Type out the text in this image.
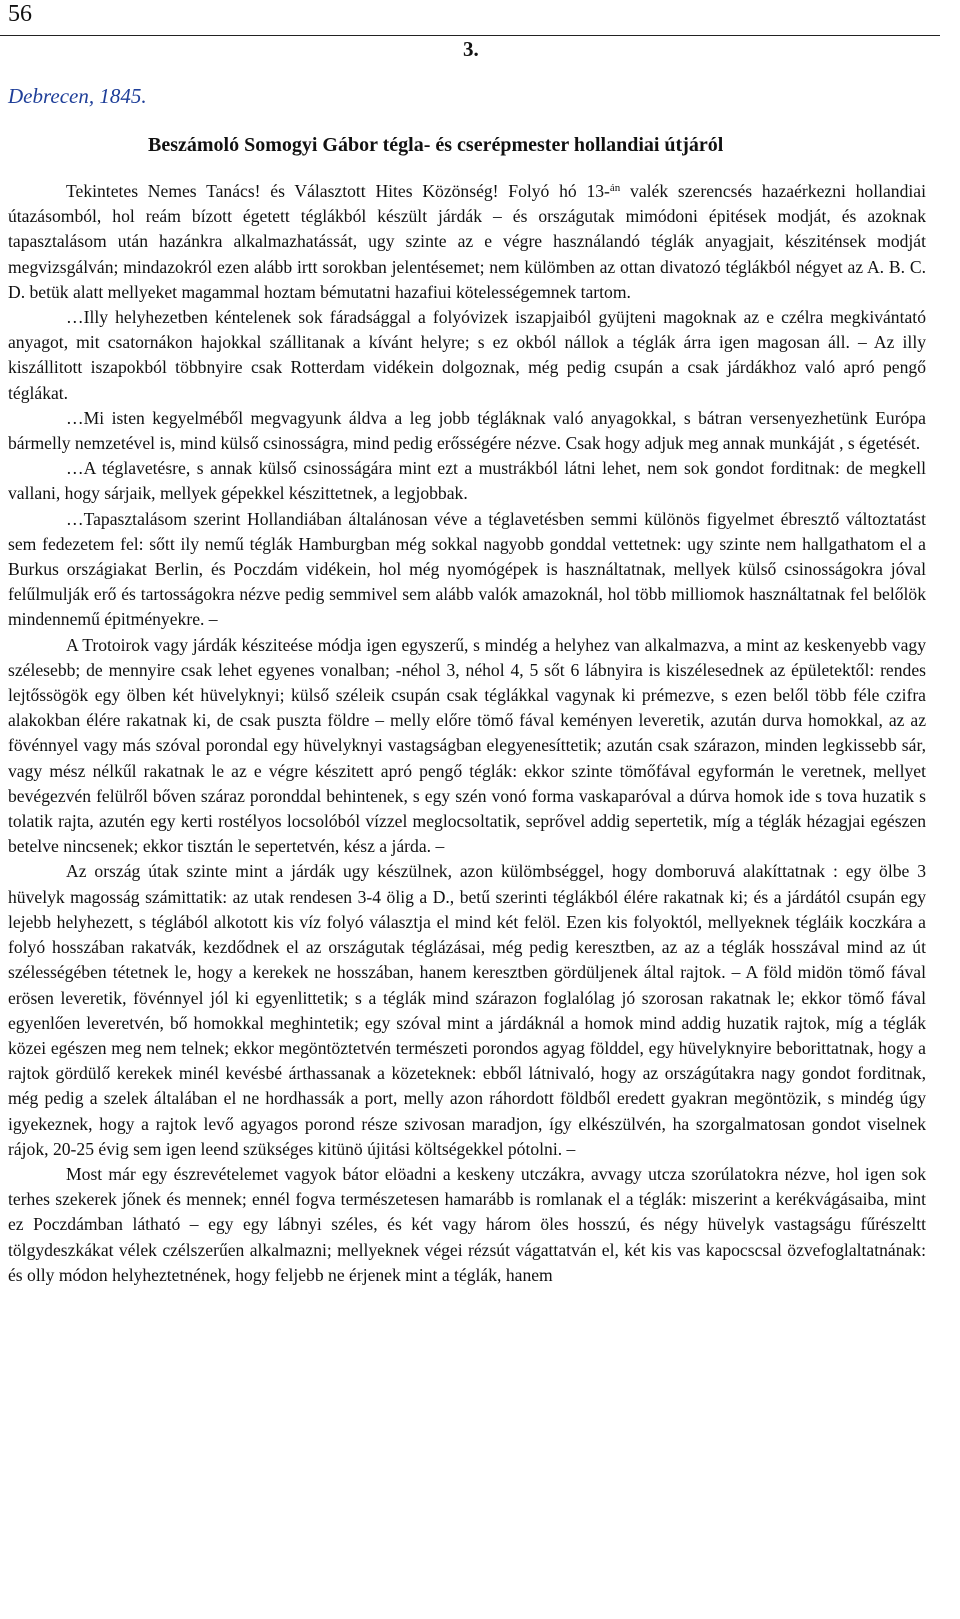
56
3.
Debrecen, 1845.
Beszámoló Somogyi Gábor tégla- és cserépmester hollandiai útjáról

Tekintetes Nemes Tanács! és Választott Hites Közönség! Folyó hó 13-$^{án}$ valék szerencsés hazaérkezni hollandiai útazásomból, hol reám bízott égetett téglákból készült járdák – és országutak mimódoni épitések modját, és azoknak tapasztalásom után hazánkra alkalmazhatássát, ugy szinte az e végre használandó téglák anyagjait, késziténsek modját megvizsgálván; mindazokról ezen alább irtt sorokban jelentésemet; nem külömben az ottan divatozó téglákból négyet az A. B. C. D. betük alatt mellyeket magammal hoztam bémutatni hazafiui kötelességemnek tartom.

…Illy helyhezetben kéntelenek sok fáradsággal a folyóvizek iszapjaiból gyüjteni magoknak az e czélra megkivántató anyagot, mit csatornákon hajokkal szállitanak a kívánt helyre; s ez okból nállok a téglák árra igen magosan áll. – Az illy kiszállitott iszapokból többnyire csak Rotterdam vidékein dolgoznak, még pedig csupán a csak járdákhoz való apró pengő téglákat.

…Mi isten kegyelméből megvagyunk áldva a leg jobb tégláknak való anyagokkal, s bátran versenyezhetünk Európa bármelly nemzetével is, mind külső csinosságra, mind pedig erősségére nézve. Csak hogy adjuk meg annak munkáját , s égetését.

…A téglavetésre, s annak külső csinosságára mint ezt a mustrákból látni lehet, nem sok gondot forditnak: de megkell vallani, hogy sárjaik, mellyek gépekkel készittetnek, a legjobbak.

…Tapasztalásom szerint Hollandiában általánosan véve a téglavetésben semmi különös figyelmet ébresztő változtatást sem fedezetem fel: sőtt ily nemű téglák Hamburgban még sokkal nagyobb gonddal vettetnek: ugy szinte nem hallgathatom el a Burkus országiakat Berlin, és Poczdám vidékein, hol még nyomógépek is használtatnak, mellyek külső csinosságokra jóval felűlmulják erő és tartosságokra nézve pedig semmivel sem alább valók amazoknál, hol több milliomok használtatnak fel belőlök mindennemű épitményekre. –

A Trotoirok vagy járdák késziteése módja igen egyszerű, s mindég a helyhez van alkalmazva, a mint az keskenyebb vagy szélesebb; de mennyire csak lehet egyenes vonalban; -néhol 3, néhol 4, 5 sőt 6 lábnyira is kiszélesednek az épületektől: rendes lejtőssögök egy ölben két hüvelyknyi; külső széleik csupán csak téglákkal vagynak ki prémezve, s ezen belől több féle czifra alakokban élére rakatnak ki, de csak puszta földre – melly előre tömő fával keményen leveretik, azután durva homokkal, az az fövénnyel vagy más szóval porondal egy hüvelyknyi vastagságban elegyenesíttetik; azután csak szárazon, minden legkissebb sár, vagy mész nélkűl rakatnak le az e végre készitett apró pengő téglák: ekkor szinte tömőfával egyformán le veretnek, mellyet bevégezvén felülről bőven száraz poronddal behintenek, s egy szén vonó forma vaskaparóval a dúrva homok ide s tova huzatik s tolatik rajta, azutén egy kerti rostélyos locsolóból vízzel meglocsoltatik, seprővel addig sepertetik, míg a téglák hézagjai egészen betelve nincsenek; ekkor tisztán le sepertetvén, kész a járda. –

Az ország útak szinte mint a járdák ugy készülnek, azon külömbséggel, hogy domboruvá alakíttatnak : egy ölbe 3 hüvelyk magosság számittatik: az utak rendesen 3-4 ölig a D., betű szerinti téglákból élére rakatnak ki; és a járdától csupán egy lejebb helyhezett, s téglából alkotott kis víz folyó választja el mind két felöl. Ezen kis folyoktól, mellyeknek tégláik koczkára a folyó hosszában rakatvák, kezdődnek el az országutak téglázásai, még pedig keresztben, az az a téglák hosszával mind az út szélességében tétetnek le, hogy a kerekek ne hosszában, hanem keresztben gördüljenek által rajtok. – A föld midön tömő fával erösen leveretik, fövénnyel jól ki egyenlittetik; s a téglák mind szárazon foglalólag jó szorosan rakatnak le; ekkor tömő fával egyenlően leveretvén, bő homokkal meghintetik; egy szóval mint a járdáknál a homok mind addig huzatik rajtok, míg a téglák közei egészen meg nem telnek; ekkor megöntöztetvén természeti porondos agyag földdel, egy hüvelyknyire beborittatnak, hogy a rajtok gördülő kerekek minél kevésbé árthassanak a közeteknek: ebből látnivaló, hogy az országútakra nagy gondot forditnak, még pedig a szelek általában el ne hordhassák a port, melly azon ráhordott földből eredett gyakran megöntözik, s mindég úgy igyekeznek, hogy a rajtok levő agyagos porond része szivosan maradjon, így elkészülvén, ha szorgalmatosan gondot viselnek rájok, 20-25 évig sem igen leend szükséges kitünö újitási költségekkel pótolni. –

Most már egy észrevételemet vagyok bátor elöadni a keskeny utczákra, avvagy utcza szorúlatokra nézve, hol igen sok terhes szekerek jőnek és mennek; ennél fogva természetesen hamarább is romlanak el a téglák: miszerint a kerékvágásaiba, mint ez Poczdámban látható – egy egy lábnyi széles, és két vagy három öles hosszú, és négy hüvelyk vastagságu fűrészeltt tölgydeszkákat vélek czélszerűen alkalmazni; mellyeknek végei rézsút vágattatván el, két kis vas kapocscsal özvefoglaltatnának: és olly módon helyheztetnének, hogy feljebb ne érjenek mint a téglák, hanem
